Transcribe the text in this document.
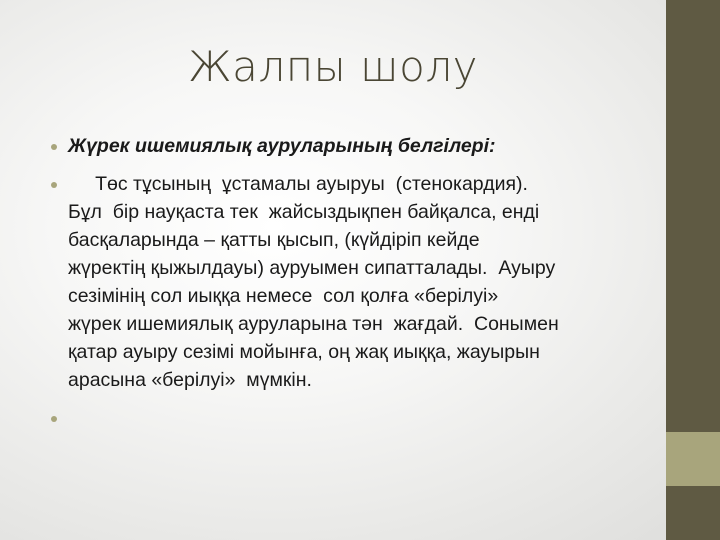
Жалпы шолу
Жүрек ишемиялық ауруларының белгілері:
Төс тұсының  ұстамалы ауыруы  (стенокардия).
Бұл  бір науқаста тек  жайсыздықпен байқалса, енді
басқаларында – қатты қысып, (күйдіріп кейде
жүректің қыжылдауы) ауруымен сипатталады.  Ауыру
сезімінің сол иыққа немесе  сол қолға «берілуі»
жүрек ишемиялық ауруларына тән  жағдай.  Сонымен
қатар ауыру сезімі мойынға, оң жақ иыққа, жауырын
арасына «берілуі»  мүмкін.
